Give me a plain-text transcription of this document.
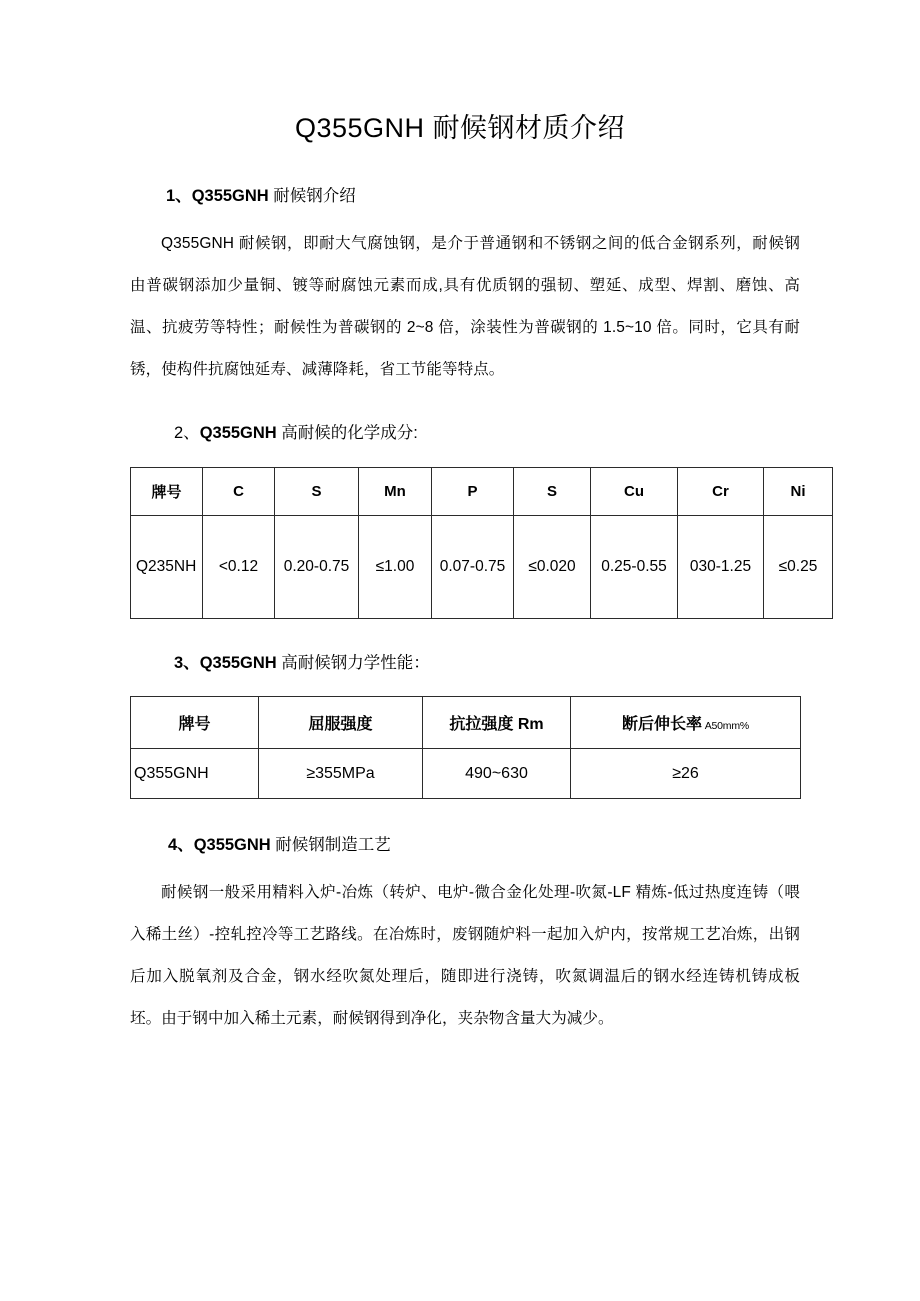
Q355GNH 耐候钢材质介绍
1、Q355GNH 耐候钢介绍

Q355GNH 耐候钢，即耐大气腐蚀钢，是介于普通钢和不锈钢之间的低合金钢系列，耐候钢由普碳钢添加少量铜、镀等耐腐蚀元素而成,具有优质钢的强韧、塑延、成型、焊割、磨蚀、高温、抗疲劳等特性；耐候性为普碳钢的 2~8 倍，涂装性为普碳钢的 1.5~10 倍。同时，它具有耐锈，使构件抗腐蚀延寿、减薄降耗，省工节能等特点。

2、Q355GNH 高耐候的化学成分:
牌号	C	S	Mn	P	S	Cu	Cr	Ni
Q235NH	<0.12	0.20-0.75	≤1.00	0.07-0.75	≤0.020	0.25-0.55	030-1.25	≤0.25
3、Q355GNH 高耐候钢力学性能：
牌号	屈服强度	抗拉强度 Rm	断后伸长率 A50mm%
Q355GNH	≥355MPa	490~630	≥26
4、Q355GNH 耐候钢制造工艺

耐候钢一般采用精料入炉-冶炼（转炉、电炉-微合金化处理-吹氮-LF 精炼-低过热度连铸（喂入稀土丝）-控轧控冷等工艺路线。在冶炼时，废钢随炉料一起加入炉内，按常规工艺冶炼，出钢后加入脱氧剂及合金，钢水经吹氮处理后，随即进行浇铸，吹氮调温后的钢水经连铸机铸成板坯。由于钢中加入稀土元素，耐候钢得到净化，夹杂物含量大为减少。
